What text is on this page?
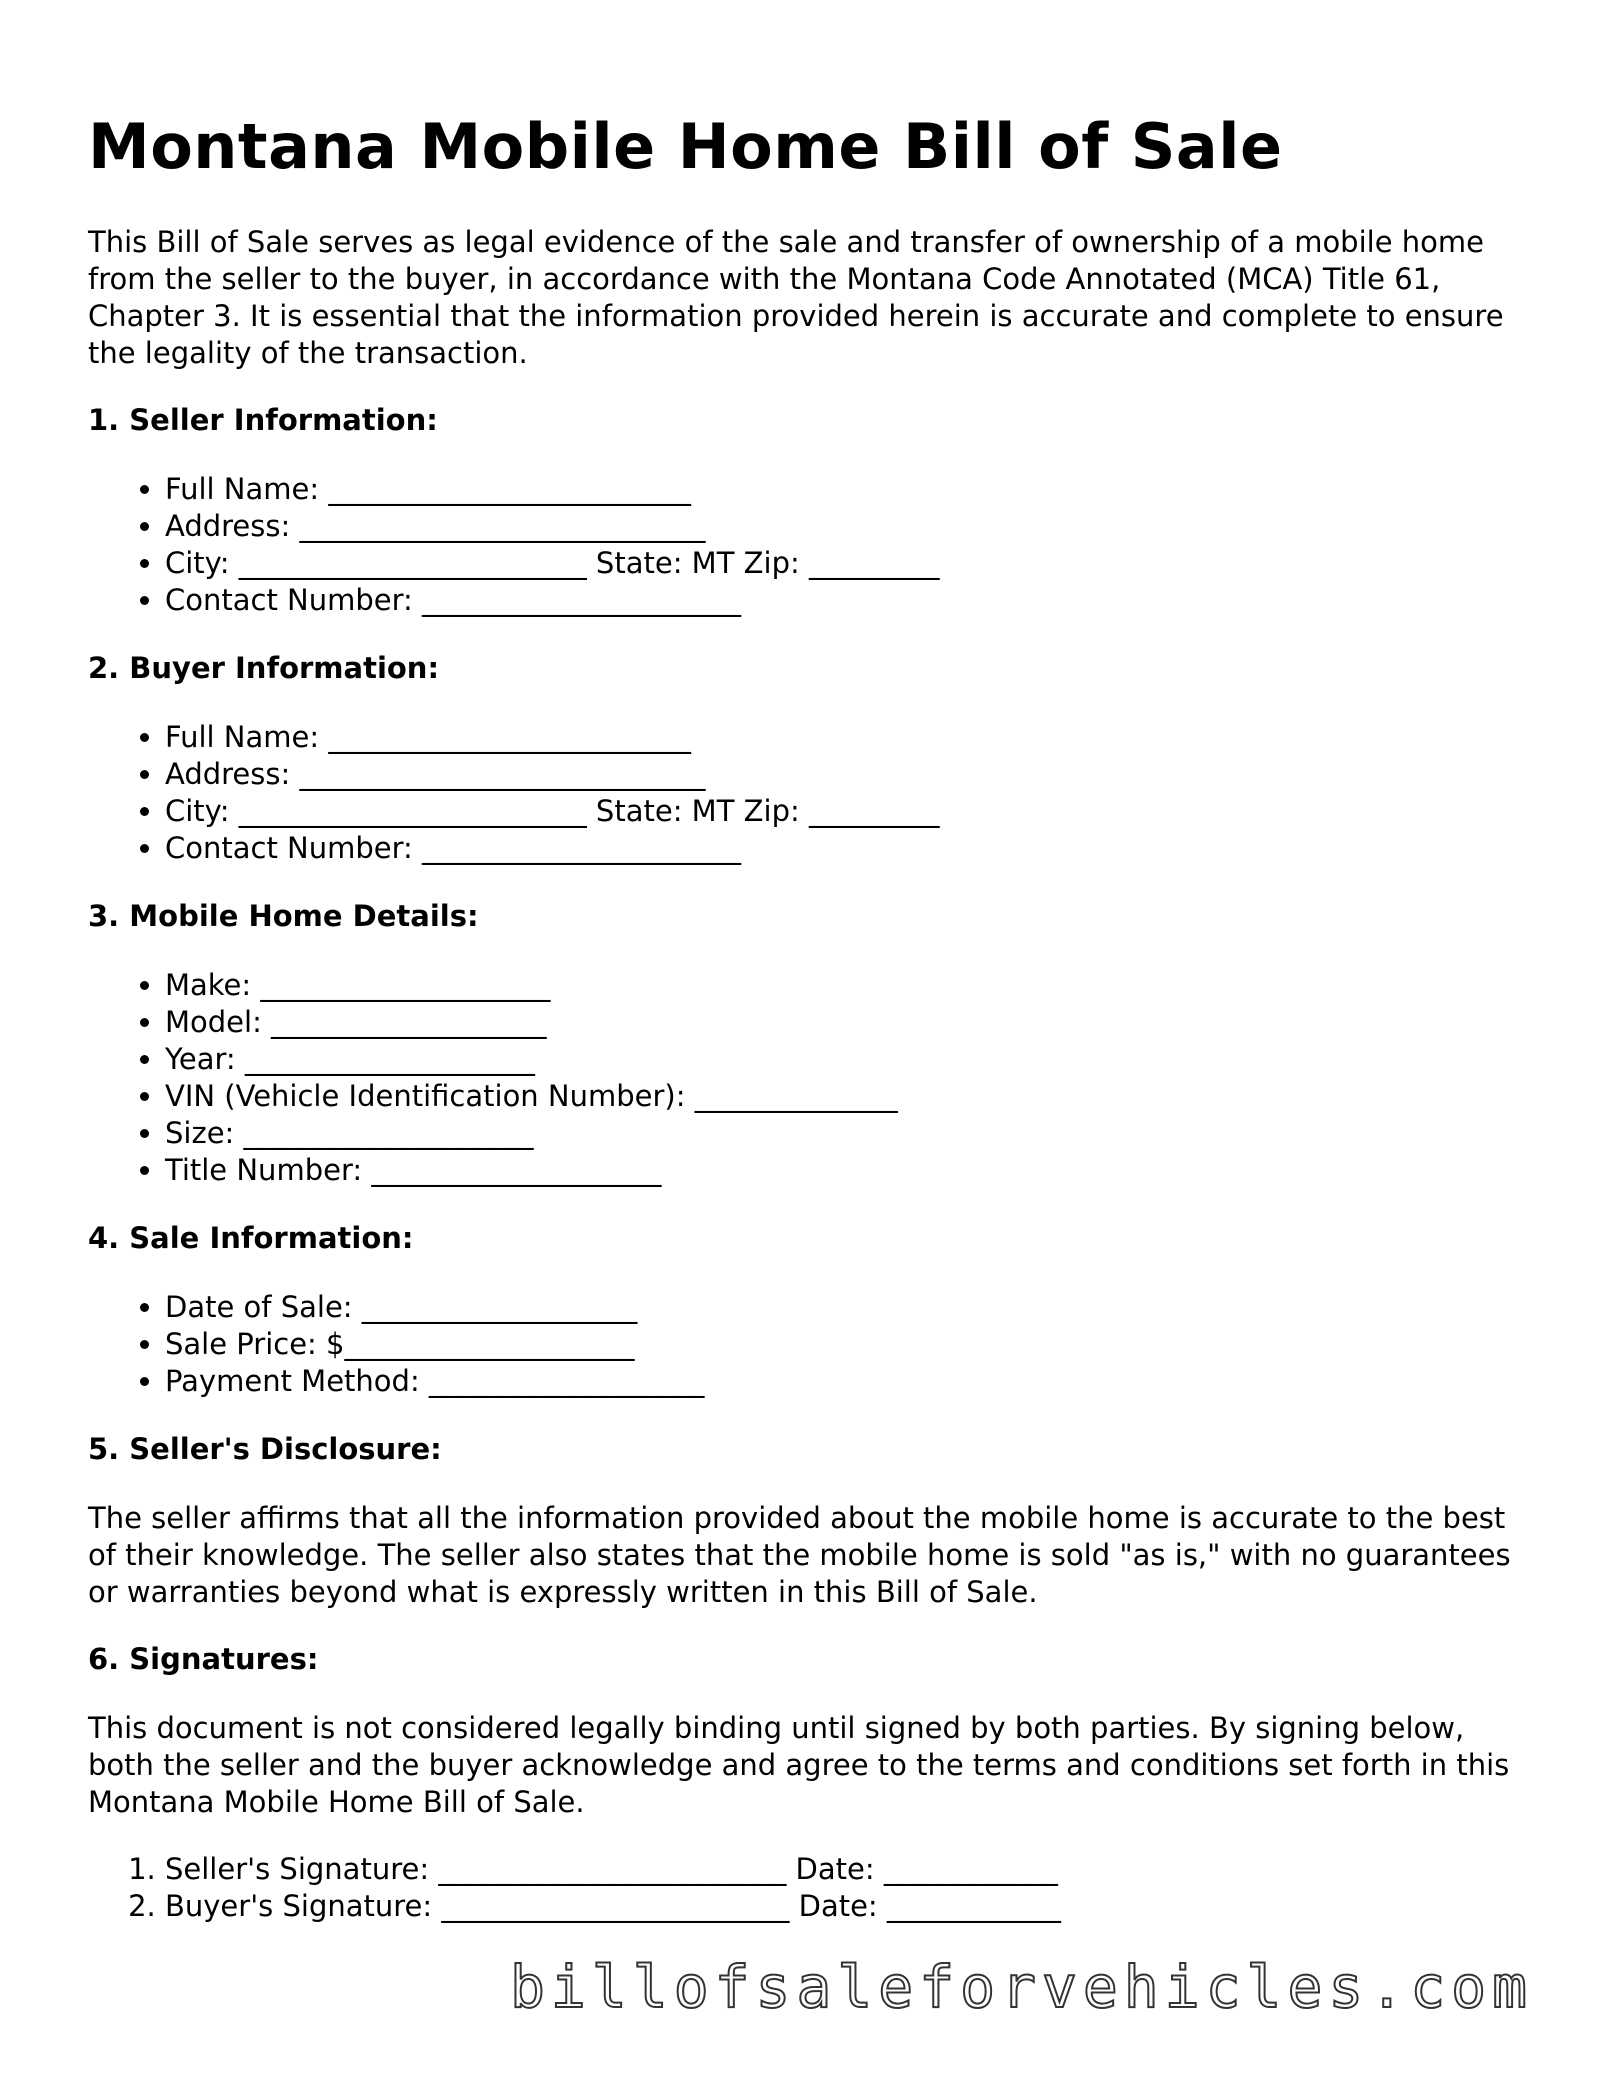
Montana Mobile Home Bill of Sale

This Bill of Sale serves as legal evidence of the sale and transfer of ownership of a mobile home from the seller to the buyer, in accordance with the Montana Code Annotated (MCA) Title 61, Chapter 3. It is essential that the information provided herein is accurate and complete to ensure the legality of the transaction.

1. Seller Information:
• Full Name: _________________________
• Address: ____________________________
• City: ________________________ State: MT Zip: _________
• Contact Number: ______________________
2. Buyer Information:
• Full Name: _________________________
• Address: ____________________________
• City: ________________________ State: MT Zip: _________
• Contact Number: ______________________
3. Mobile Home Details:
• Make: ____________________
• Model: ___________________
• Year: ____________________
• VIN (Vehicle Identification Number): ______________
• Size: ____________________
• Title Number: ____________________
4. Sale Information:
• Date of Sale: ___________________
• Sale Price: $____________________
• Payment Method: ___________________
5. Seller's Disclosure:

The seller affirms that all the information provided about the mobile home is accurate to the best of their knowledge. The seller also states that the mobile home is sold "as is," with no guarantees or warranties beyond what is expressly written in this Bill of Sale.

6. Signatures:

This document is not considered legally binding until signed by both parties. By signing below, both the seller and the buyer acknowledge and agree to the terms and conditions set forth in this Montana Mobile Home Bill of Sale.

1. Seller's Signature: ________________________ Date: ____________
2. Buyer's Signature: ________________________ Date: ____________
billofsaleforvehicles.com
